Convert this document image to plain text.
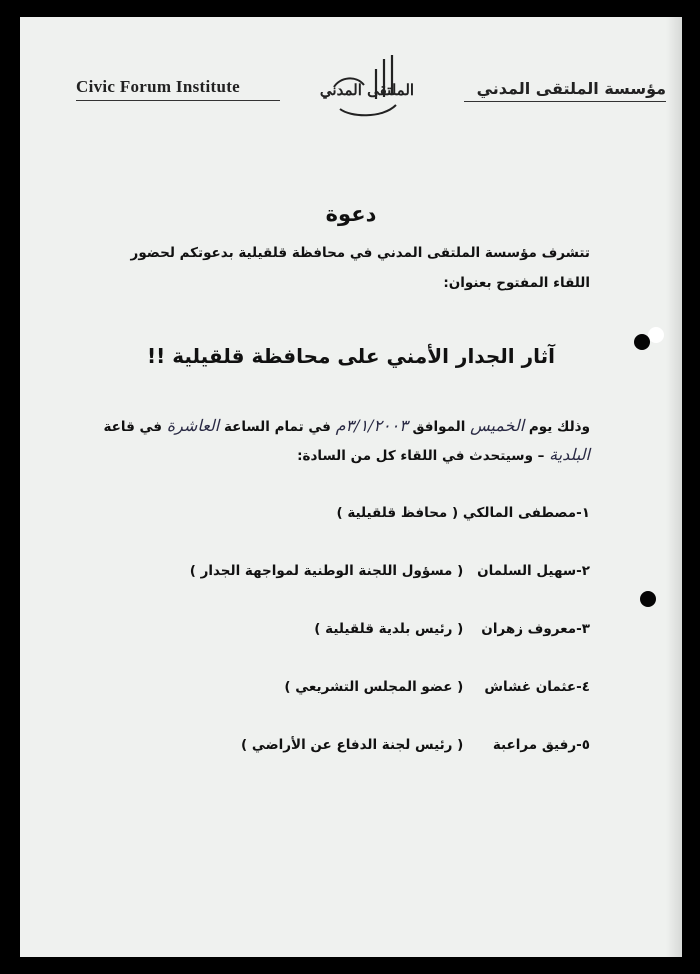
Civic Forum Institute	الملتقى المدني	مؤسسة الملتقى المدني
دعوة
تتشرف مؤسسة الملتقى المدني في محافظة قلقيلية بدعوتكم لحضور
اللقاء المفتوح بعنوان:
آثار الجدار الأمني على محافظة قلقيلية !!
وذلك يوم الخميس الموافق ٣/١/٢٠٠٣م في تمام الساعة العاشرة في قاعة
البلدية – وسيتحدث في اللقاء كل من السادة:
١-مصطفى المالكي ( محافظ قلقيلية )
٢-سهيل السلمان ( مسؤول اللجنة الوطنية لمواجهة الجدار )
٣-معروف زهران ( رئيس بلدية قلقيلية )
٤-عثمان غشاش ( عضو المجلس التشريعي )
٥-رفيق مراعبة ( رئيس لجنة الدفاع عن الأراضي )
